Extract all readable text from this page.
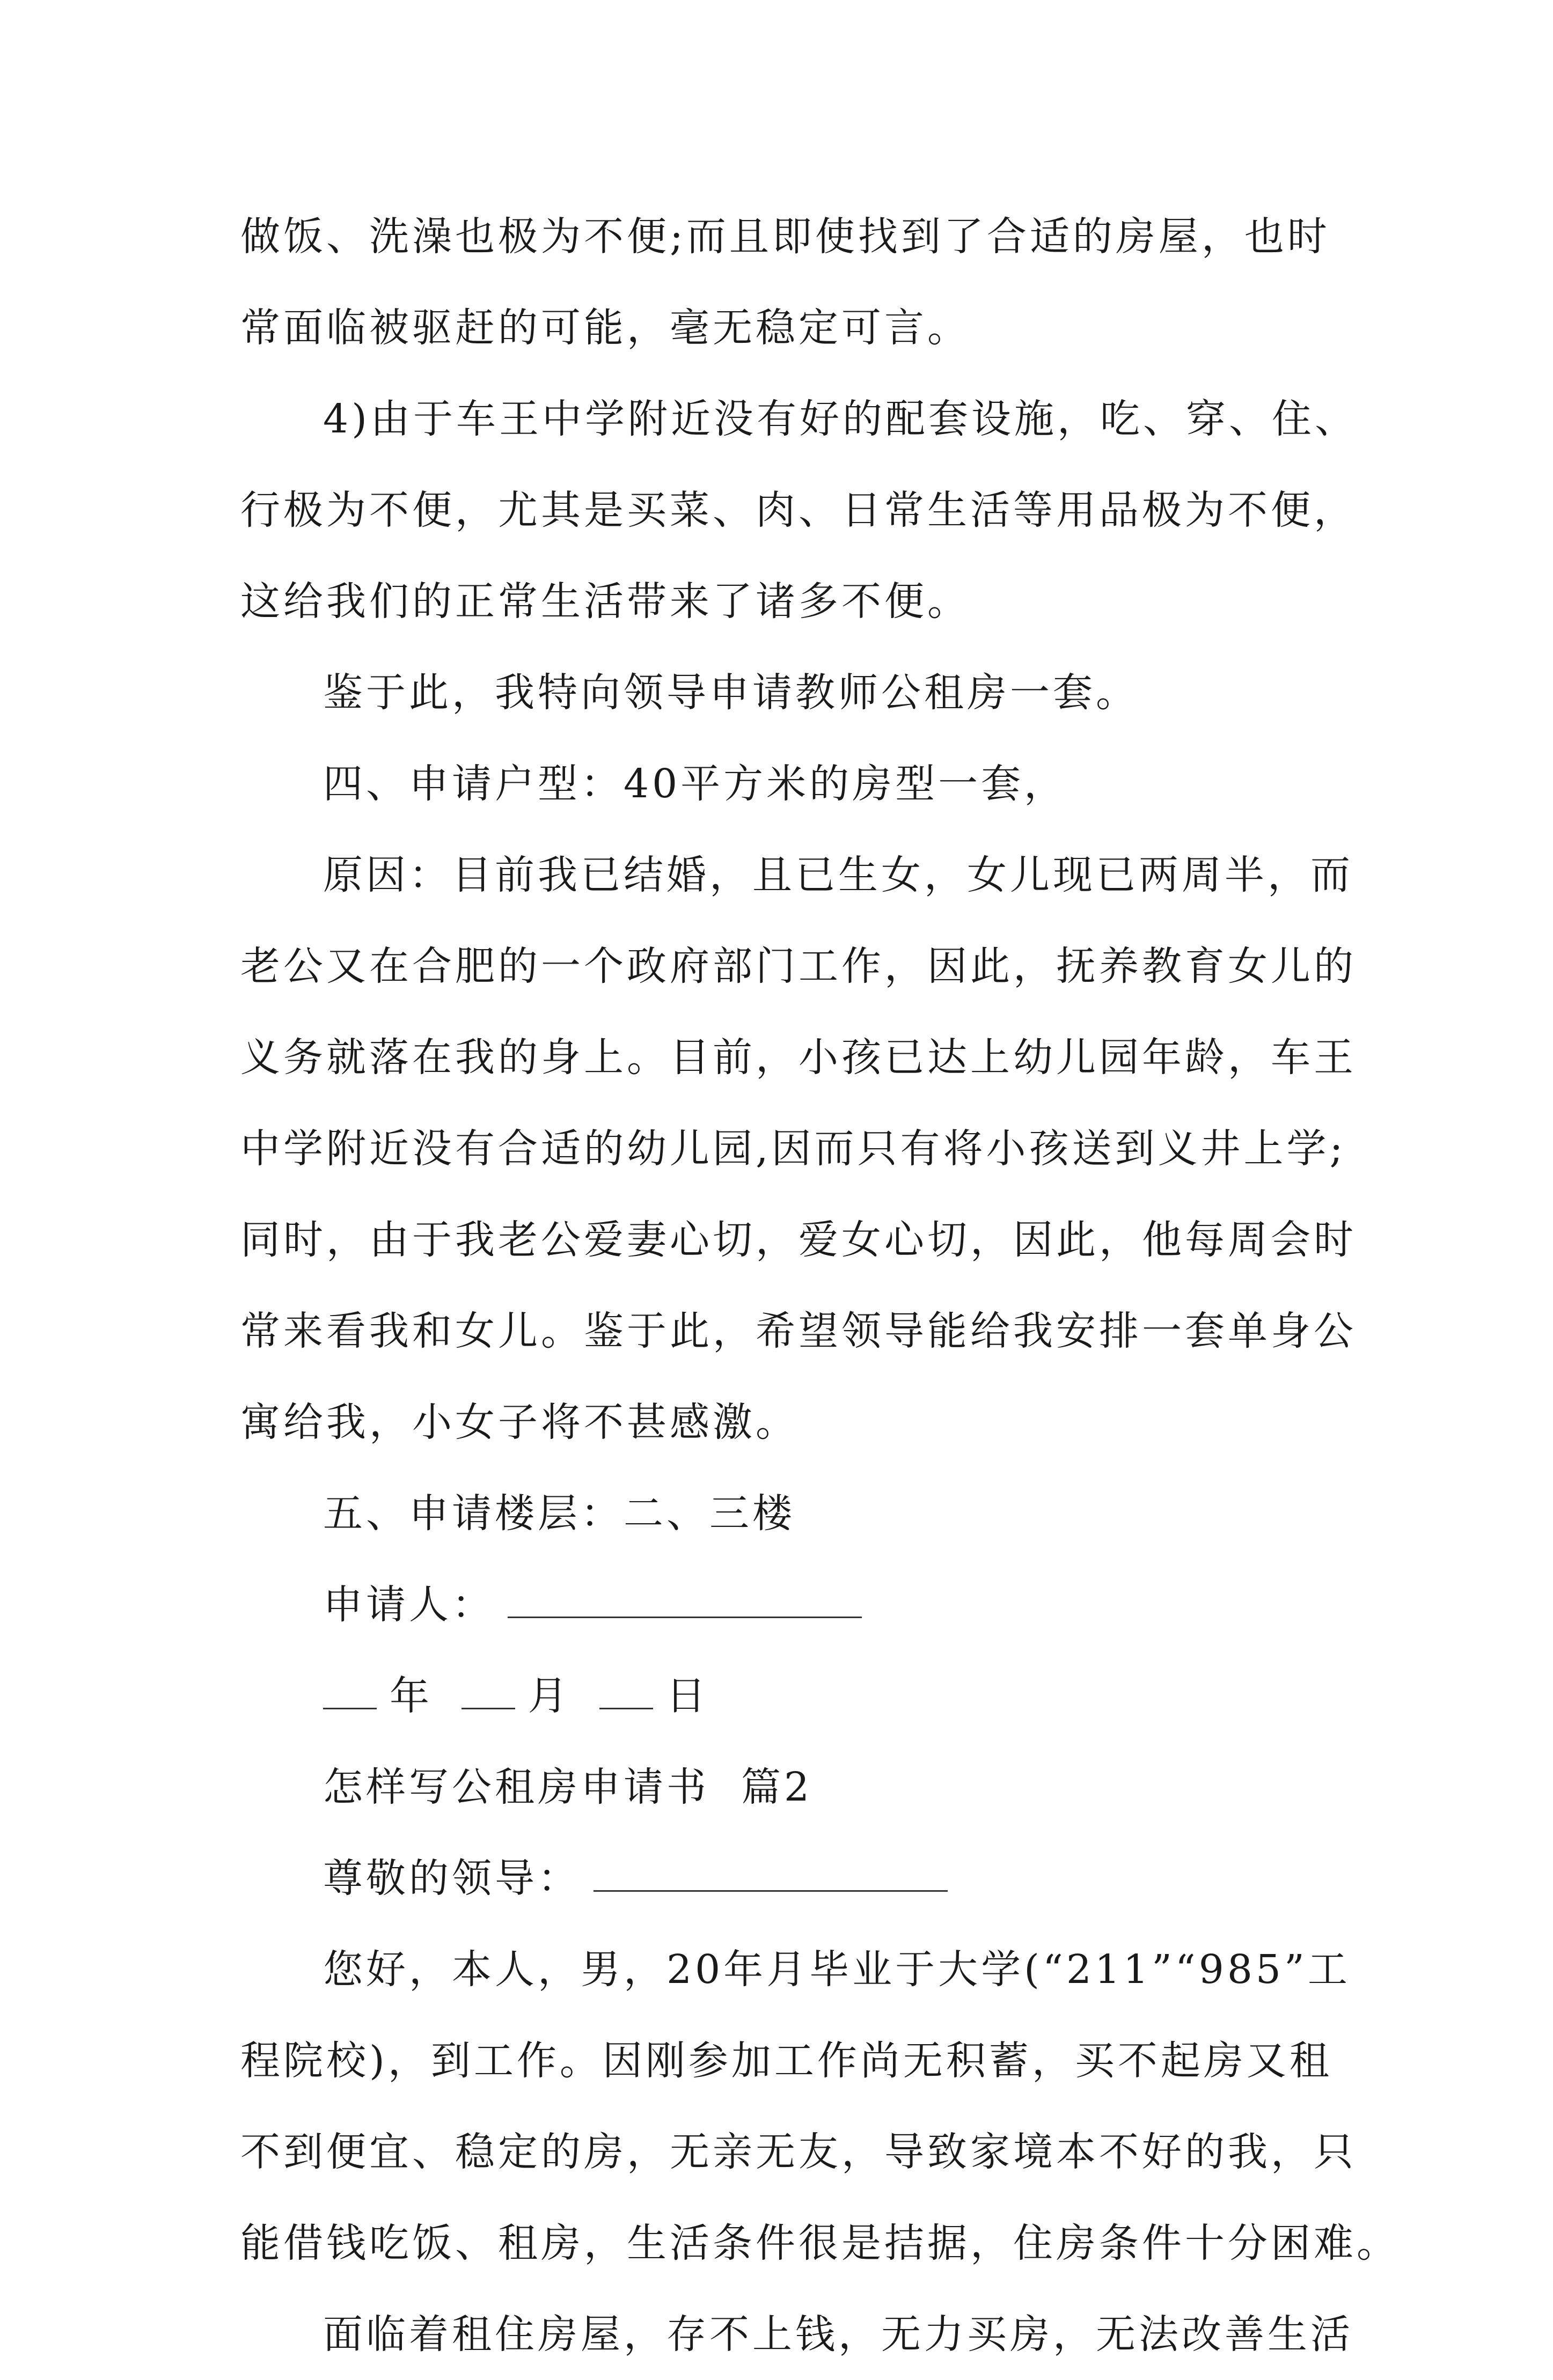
做饭、洗澡也极为不便;而且即使找到了合适的房屋，也时
常面临被驱赶的可能，毫无稳定可言。
4)由于车王中学附近没有好的配套设施，吃、穿、住、
行极为不便，尤其是买菜、肉、日常生活等用品极为不便，
这给我们的正常生活带来了诸多不便。
鉴于此，我特向领导申请教师公租房一套。
四、申请户型：40平方米的房型一套，
原因：目前我已结婚，且已生女，女儿现已两周半，而
老公又在合肥的一个政府部门工作，因此，抚养教育女儿的
义务就落在我的身上。目前，小孩已达上幼儿园年龄，车王
中学附近没有合适的幼儿园,因而只有将小孩送到义井上学;
同时，由于我老公爱妻心切，爱女心切，因此，他每周会时
常来看我和女儿。鉴于此，希望领导能给我安排一套单身公
寓给我，小女子将不甚感激。
五、申请楼层：二、三楼
申请人：
年 月 日
怎样写公租房申请书  篇2
尊敬的领导：
您好，本人，男，20年月毕业于大学(“211”“985”工
程院校)，到工作。因刚参加工作尚无积蓄，买不起房又租
不到便宜、稳定的房，无亲无友，导致家境本不好的我，只
能借钱吃饭、租房，生活条件很是拮据，住房条件十分困难。
面临着租住房屋，存不上钱，无力买房，无法改善生活
